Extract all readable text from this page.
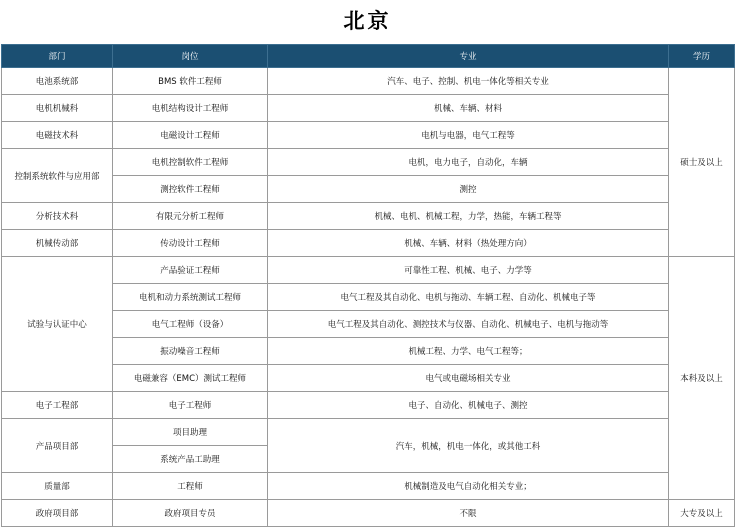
北京
部门	岗位	专业	学历
电池系统部	BMS 软件工程师	汽车、电子、控制、机电一体化等相关专业	硕士及以上
电机机械科	电机结构设计工程师	机械、车辆、材料	
电磁技术科	电磁设计工程师	电机与电器，电气工程等	
控制系统软件与应用部	电机控制软件工程师	电机，电力电子，自动化，车辆	
	测控软件工程师	测控	
分析技术科	有限元分析工程师	机械、电机、机械工程，力学，热能，车辆工程等	
机械传动部	传动设计工程师	机械、车辆、材料（热处理方向）	
试验与认证中心	产品验证工程师	可靠性工程、机械、电子、力学等	本科及以上
	电机和动力系统测试工程师	电气工程及其自动化、电机与拖动、车辆工程、自动化、机械电子等	
	电气工程师（设备）	电气工程及其自动化、测控技术与仪器、自动化、机械电子、电机与拖动等	
	振动噪音工程师	机械工程、力学、电气工程等；	
	电磁兼容（EMC）测试工程师	电气或电磁场相关专业	
电子工程部	电子工程师	电子、自动化、机械电子、测控	
产品项目部	项目助理	汽车，机械，机电一体化，或其他工科	
	系统产品工助理		
质量部	工程师	机械制造及电气自动化相关专业；	
政府项目部	政府项目专员	不限	大专及以上
